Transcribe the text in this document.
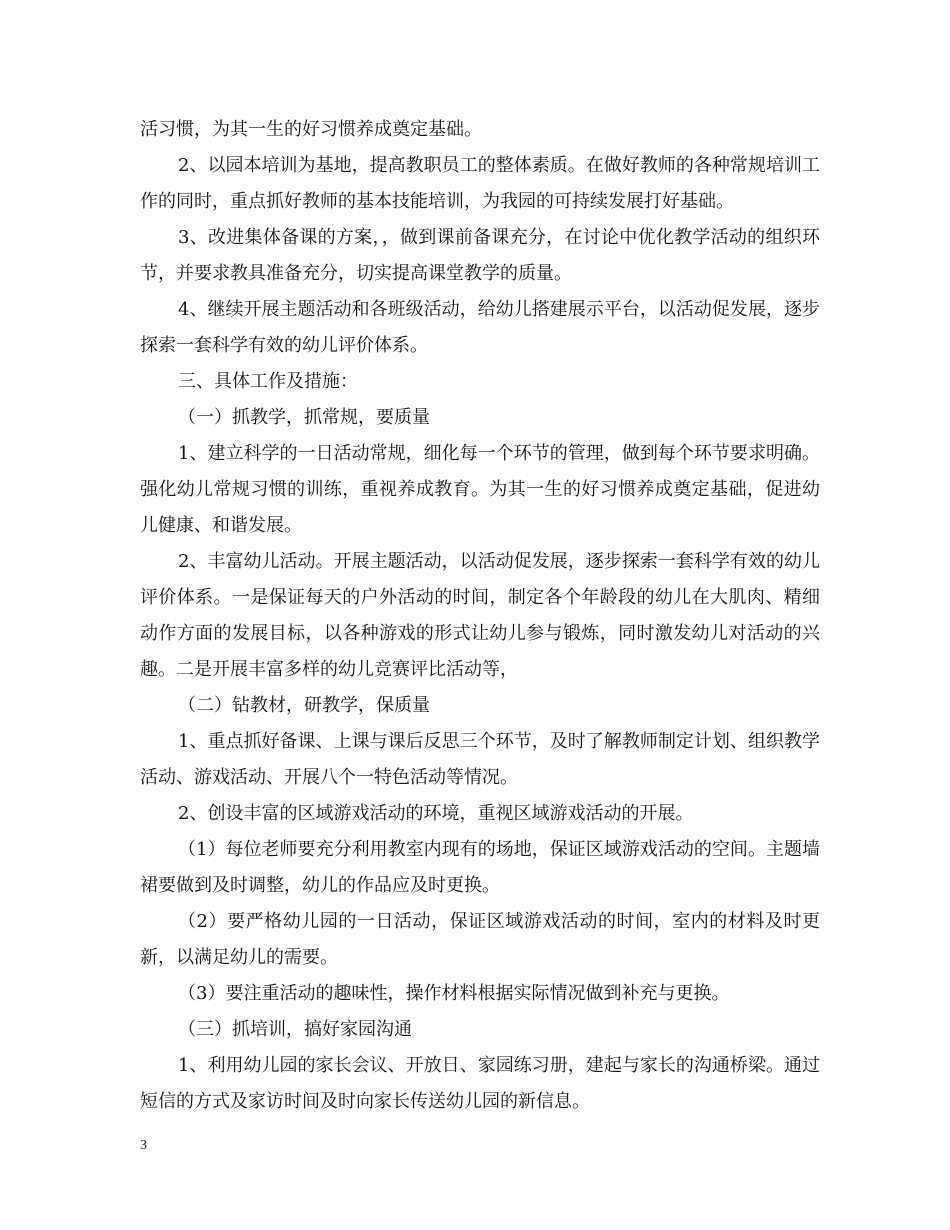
活习惯，为其一生的好习惯养成奠定基础。

2、以园本培训为基地，提高教职员工的整体素质。在做好教师的各种常规培训工作的同时，重点抓好教师的基本技能培训，为我园的可持续发展打好基础。

3、改进集体备课的方案，，做到课前备课充分，在讨论中优化教学活动的组织环节，并要求教具准备充分，切实提高课堂教学的质量。

4、继续开展主题活动和各班级活动，给幼儿搭建展示平台，以活动促发展，逐步探索一套科学有效的幼儿评价体系。

三、具体工作及措施：

（一）抓教学，抓常规，要质量

1、建立科学的一日活动常规，细化每一个环节的管理，做到每个环节要求明确。强化幼儿常规习惯的训练，重视养成教育。为其一生的好习惯养成奠定基础，促进幼儿健康、和谐发展。

2、丰富幼儿活动。开展主题活动，以活动促发展，逐步探索一套科学有效的幼儿评价体系。一是保证每天的户外活动的时间，制定各个年龄段的幼儿在大肌肉、精细动作方面的发展目标，以各种游戏的形式让幼儿参与锻炼，同时激发幼儿对活动的兴趣。二是开展丰富多样的幼儿竞赛评比活动等，

（二）钻教材，研教学，保质量

1、重点抓好备课、上课与课后反思三个环节，及时了解教师制定计划、组织教学活动、游戏活动、开展八个一特色活动等情况。

2、创设丰富的区域游戏活动的环境，重视区域游戏活动的开展。

（1）每位老师要充分利用教室内现有的场地，保证区域游戏活动的空间。主题墙裙要做到及时调整，幼儿的作品应及时更换。

（2）要严格幼儿园的一日活动，保证区域游戏活动的时间，室内的材料及时更新，以满足幼儿的需要。

（3）要注重活动的趣味性，操作材料根据实际情况做到补充与更换。

（三）抓培训，搞好家园沟通

1、利用幼儿园的家长会议、开放日、家园练习册，建起与家长的沟通桥梁。通过短信的方式及家访时间及时向家长传送幼儿园的新信息。

3
